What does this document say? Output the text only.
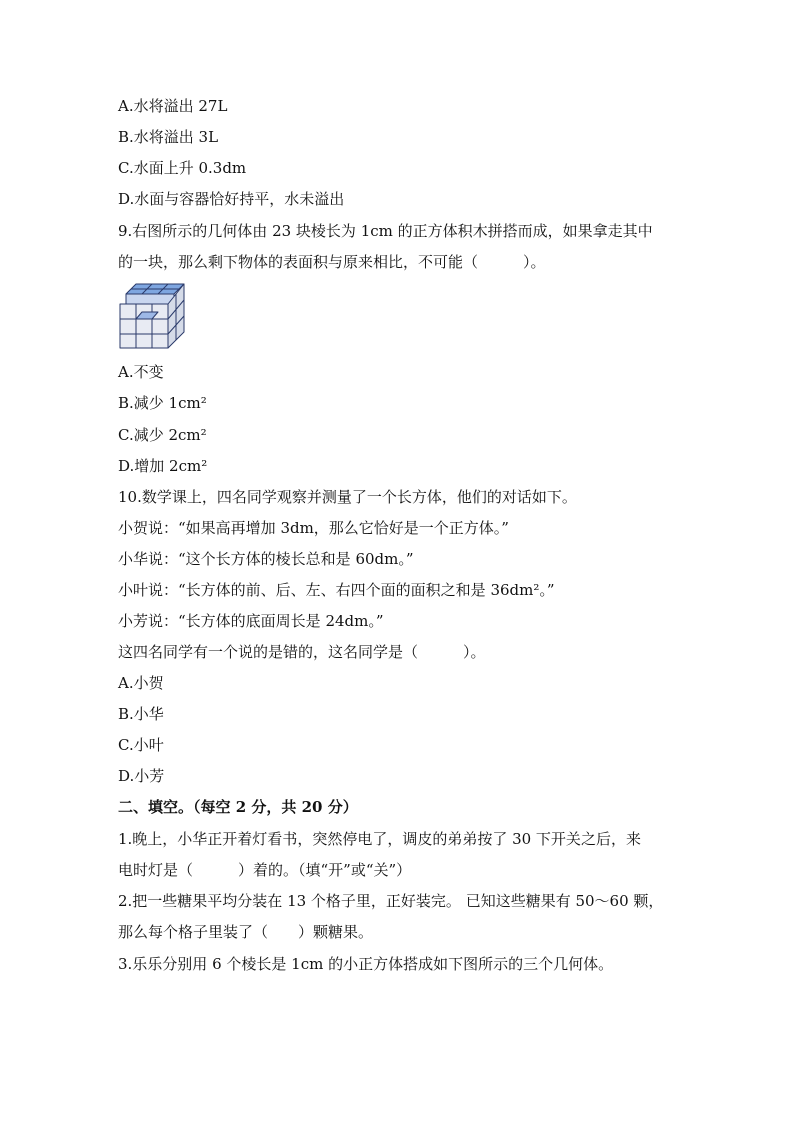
A.水将溢出 27L
B.水将溢出 3L
C.水面上升 0.3dm
D.水面与容器恰好持平，水未溢出
9.右图所示的几何体由 23 块棱长为 1cm 的正方体积木拼搭而成，如果拿走其中
的一块，那么剩下物体的表面积与原来相比，不可能（　　　）。
A.不变
B.减少 1cm²
C.减少 2cm²
D.增加 2cm²
10.数学课上，四名同学观察并测量了一个长方体，他们的对话如下。
小贺说：“如果高再增加 3dm，那么它恰好是一个正方体。”
小华说：“这个长方体的棱长总和是 60dm。”
小叶说：“长方体的前、后、左、右四个面的面积之和是 36dm²。”
小芳说：“长方体的底面周长是 24dm。”
这四名同学有一个说的是错的，这名同学是（　　　）。
A.小贺
B.小华
C.小叶
D.小芳
二、填空。（每空 2 分，共 20 分）
1.晚上，小华正开着灯看书，突然停电了，调皮的弟弟按了 30 下开关之后，来
电时灯是（　　　）着的。（填“开”或“关”）
2.把一些糖果平均分装在 13 个格子里，正好装完。 已知这些糖果有 50～60 颗，
那么每个格子里装了（　　）颗糖果。
3.乐乐分别用 6 个棱长是 1cm 的小正方体搭成如下图所示的三个几何体。
